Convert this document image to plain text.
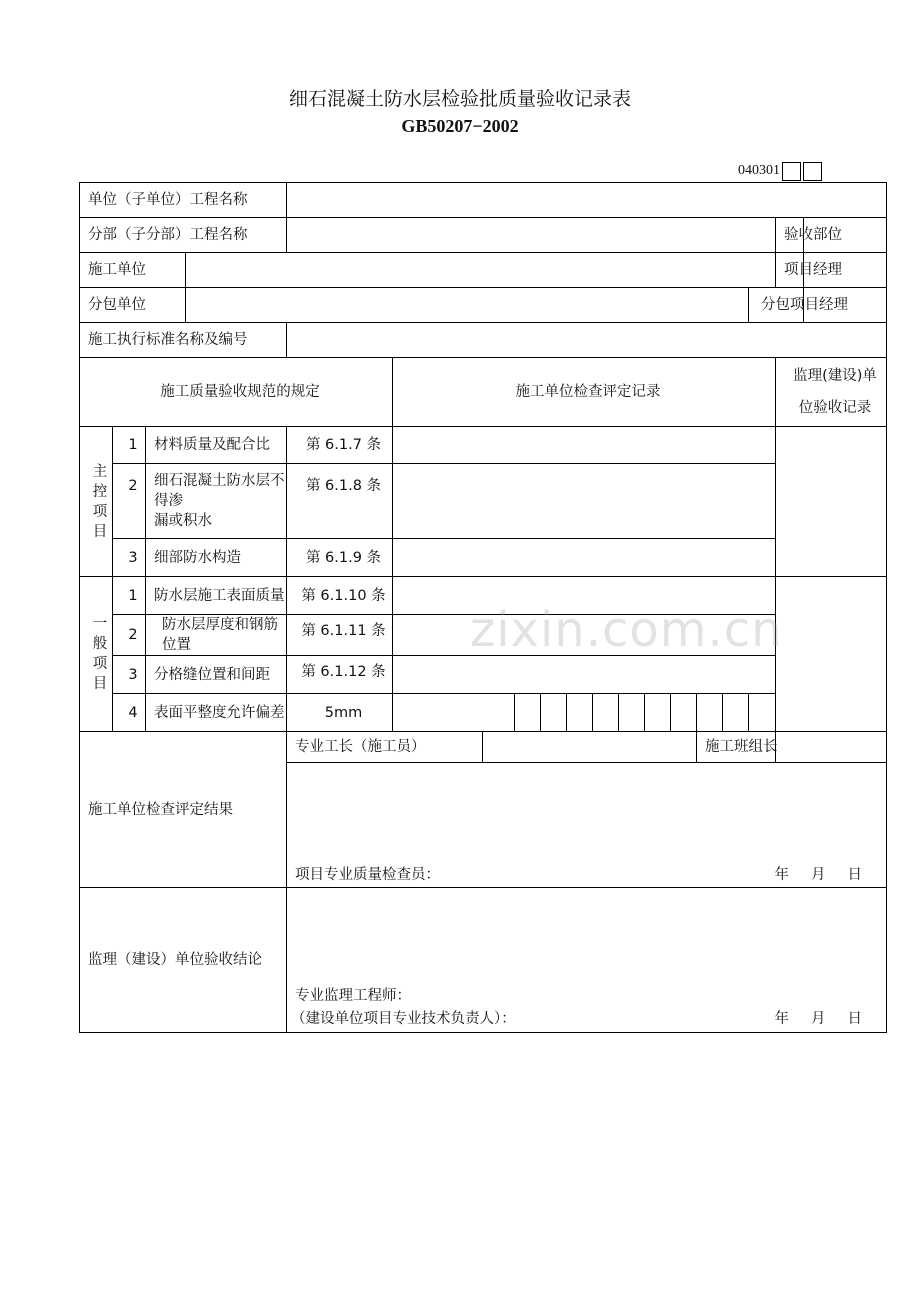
细石混凝土防水层检验批质量验收记录表
GB50207−2002
040301
单位（子单位）工程名称																		
分部（子分部）工程名称																	验收部位	
施工单位																	项目经理	
分包单位																分包项目经理		
施工执行标准名称及编号																		
施工质量验收规范的规定					施工单位检查评定记录												监理(建设)单
位验收记录	

主
控
项
目	1	材料质量及配合比		第 6.1.7 条														
	2	细石混凝土防水层不得渗
漏或积水		第 6.1.8 条														

	3	细部防水构造		第 6.1.9 条														

一
般
项
目	1	防水层施工表面质量		第 6.1.10 条														
	2	防水层厚度和钢筋位置		第 6.1.11 条														
	3	分格缝位置和间距		第 6.1.12 条														
	4	表面平整度允许偏差		5mm														
施工单位检查评定结果				专业工长（施工员）										施工班组长				

				项目专业质量检查员： 年 月 日														

监理（建设）单位验收结论				专业监理工程师：
（建设单位项目专业技术负责人）： 年 月 日														
zixin.com.cn
